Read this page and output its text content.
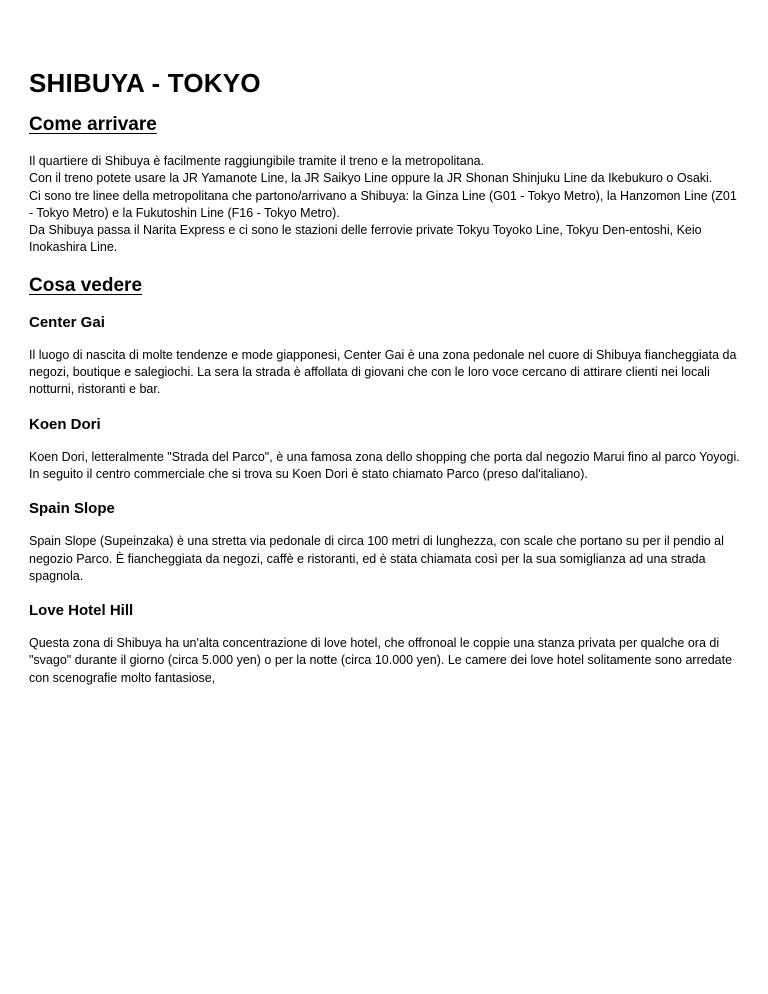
SHIBUYA - TOKYO
Come arrivare

Il quartiere di Shibuya è facilmente raggiungibile tramite il treno e la metropolitana.

Con il treno potete usare la JR Yamanote Line, la JR Saikyo Line oppure la JR Shonan Shinjuku Line da Ikebukuro o Osaki.

Ci sono tre linee della metropolitana che partono/arrivano a Shibuya: la Ginza Line (G01 - Tokyo Metro), la Hanzomon Line (Z01 - Tokyo Metro) e la Fukutoshin Line (F16 - Tokyo Metro).

Da Shibuya passa il Narita Express e ci sono le stazioni delle ferrovie private Tokyu Toyoko Line, Tokyu Den-entoshi, Keio Inokashira Line.

Cosa vedere
Center Gai

Il luogo di nascita di molte tendenze e mode giapponesi, Center Gai è una zona pedonale nel cuore di Shibuya fiancheggiata da negozi, boutique e salegiochi. La sera la strada è affollata di giovani che con le loro voce cercano di attirare clienti nei locali notturni, ristoranti e bar.

Koen Dori

Koen Dori, letteralmente "Strada del Parco", è una famosa zona dello shopping che porta dal negozio Marui fino al parco Yoyogi. In seguito il centro commerciale che si trova su Koen Dori è stato chiamato Parco (preso dal'italiano).

Spain Slope

Spain Slope (Supeinzaka) è una stretta via pedonale di circa 100 metri di lunghezza, con scale che portano su per il pendio al negozio Parco. È fiancheggiata da negozi, caffè e ristoranti, ed è stata chiamata così per la sua somiglianza ad una strada spagnola.

Love Hotel Hill

Questa zona di Shibuya ha un'alta concentrazione di love hotel, che offronoal le coppie una stanza privata per qualche ora di "svago" durante il giorno (circa 5.000 yen) o per la notte (circa 10.000 yen). Le camere dei love hotel solitamente sono arredate con scenografie molto fantasiose,
